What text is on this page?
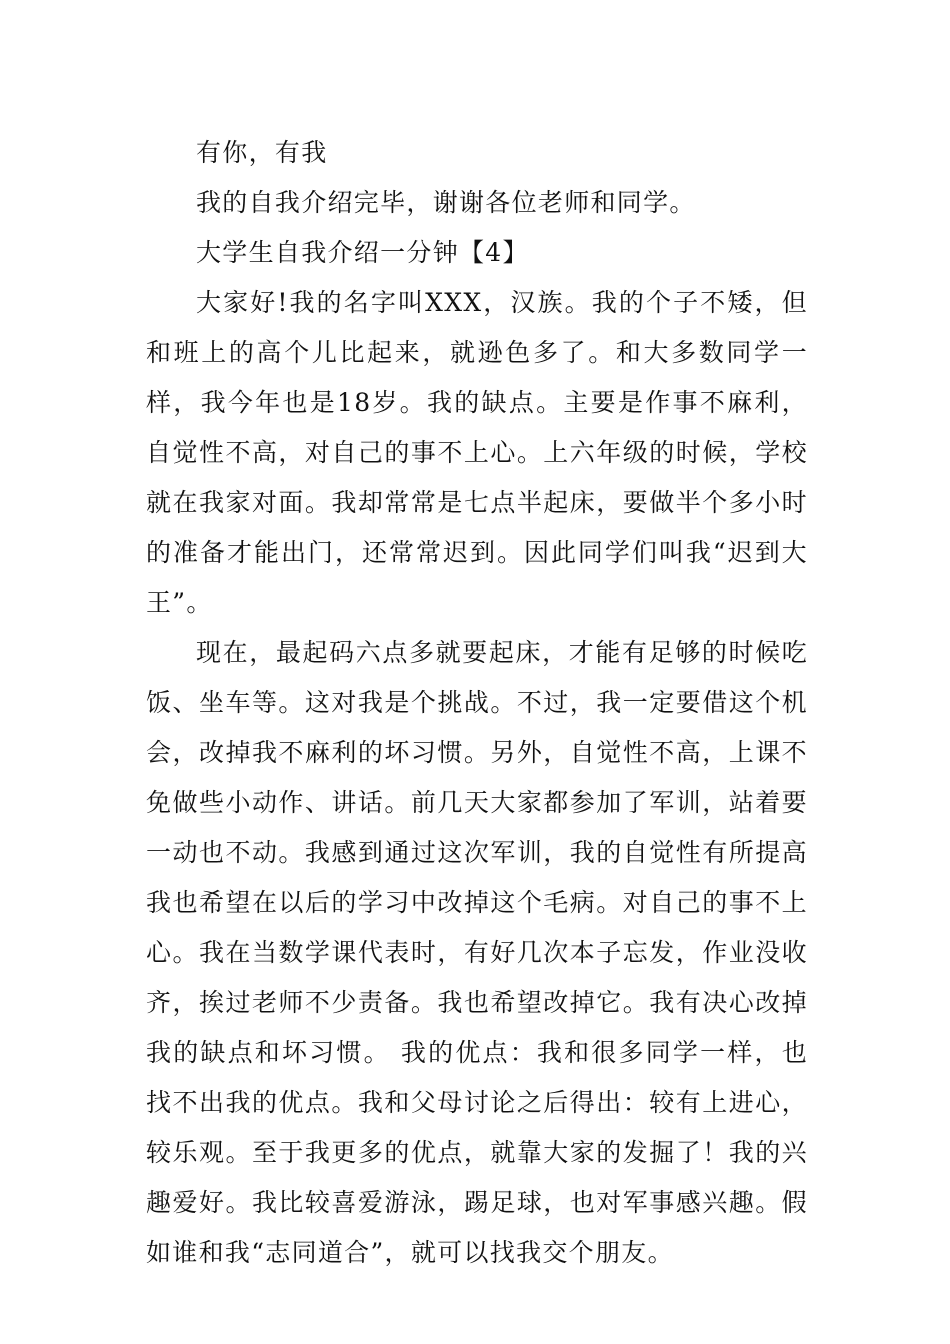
有你，有我

我的自我介绍完毕，谢谢各位老师和同学。

大学生自我介绍一分钟【4】

大家好!我的名字叫XXX，汉族。我的个子不矮，但和班上的高个儿比起来，就逊色多了。和大多数同学一样，我今年也是18岁。我的缺点。主要是作事不麻利，自觉性不高，对自己的事不上心。上六年级的时候，学校就在我家对面。我却常常是七点半起床，要做半个多小时的准备才能出门，还常常迟到。因此同学们叫我“迟到大王”。

现在，最起码六点多就要起床，才能有足够的时候吃饭、坐车等。这对我是个挑战。不过，我一定要借这个机会，改掉我不麻利的坏习惯。另外，自觉性不高，上课不免做些小动作、讲话。前几天大家都参加了军训，站着要一动也不动。我感到通过这次军训，我的自觉性有所提高我也希望在以后的学习中改掉这个毛病。对自己的事不上心。我在当数学课代表时，有好几次本子忘发，作业没收齐，挨过老师不少责备。我也希望改掉它。我有决心改掉我的缺点和坏习惯。 我的优点：我和很多同学一样，也找不出我的优点。我和父母讨论之后得出：较有上进心，较乐观。至于我更多的优点，就靠大家的发掘了！我的兴趣爱好。我比较喜爱游泳，踢足球，也对军事感兴趣。假如谁和我“志同道合”，就可以找我交个朋友。
